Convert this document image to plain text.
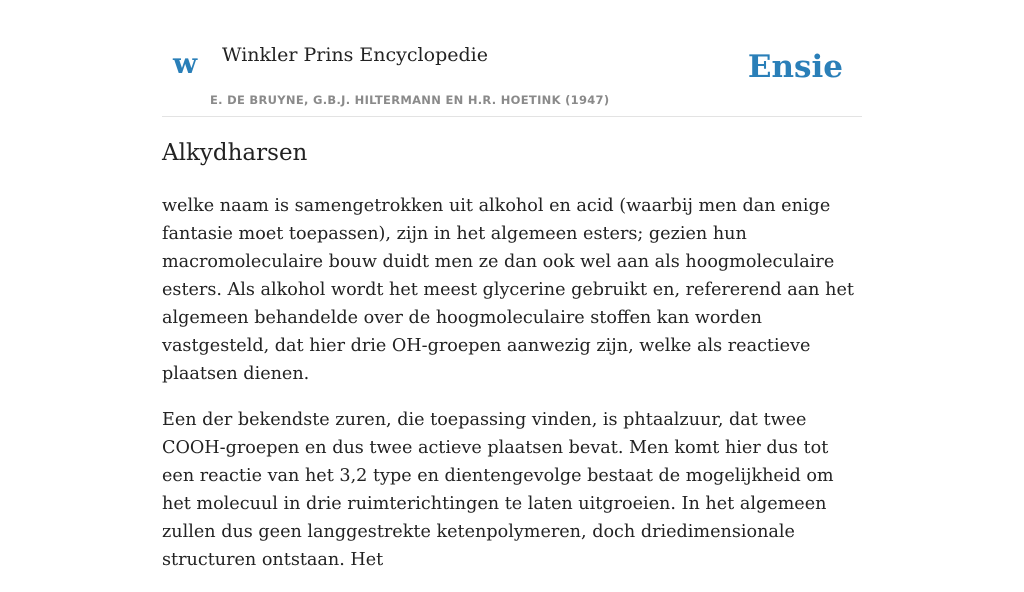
w Winkler Prins Encyclopedie
E. DE BRUYNE, G.B.J. HILTERMANN EN H.R. HOETINK (1947)
Ensie
Alkydharsen

welke naam is samengetrokken uit alkohol en acid (waarbij men dan enige fantasie moet toepassen), zijn in het algemeen esters; gezien hun macromoleculaire bouw duidt men ze dan ook wel aan als hoogmoleculaire esters. Als alkohol wordt het meest glycerine gebruikt en, refererend aan het algemeen behandelde over de hoogmoleculaire stoffen kan worden vastgesteld, dat hier drie OH-groepen aanwezig zijn, welke als reactieve plaatsen dienen.

Een der bekendste zuren, die toepassing vinden, is phtaalzuur, dat twee COOH-groepen en dus twee actieve plaatsen bevat. Men komt hier dus tot een reactie van het 3,2 type en dientengevolge bestaat de mogelijkheid om het molecuul in drie ruimterichtingen te laten uitgroeien. In het algemeen zullen dus geen langgestrekte ketenpolymeren, doch driedimensionale structuren ontstaan. Het
